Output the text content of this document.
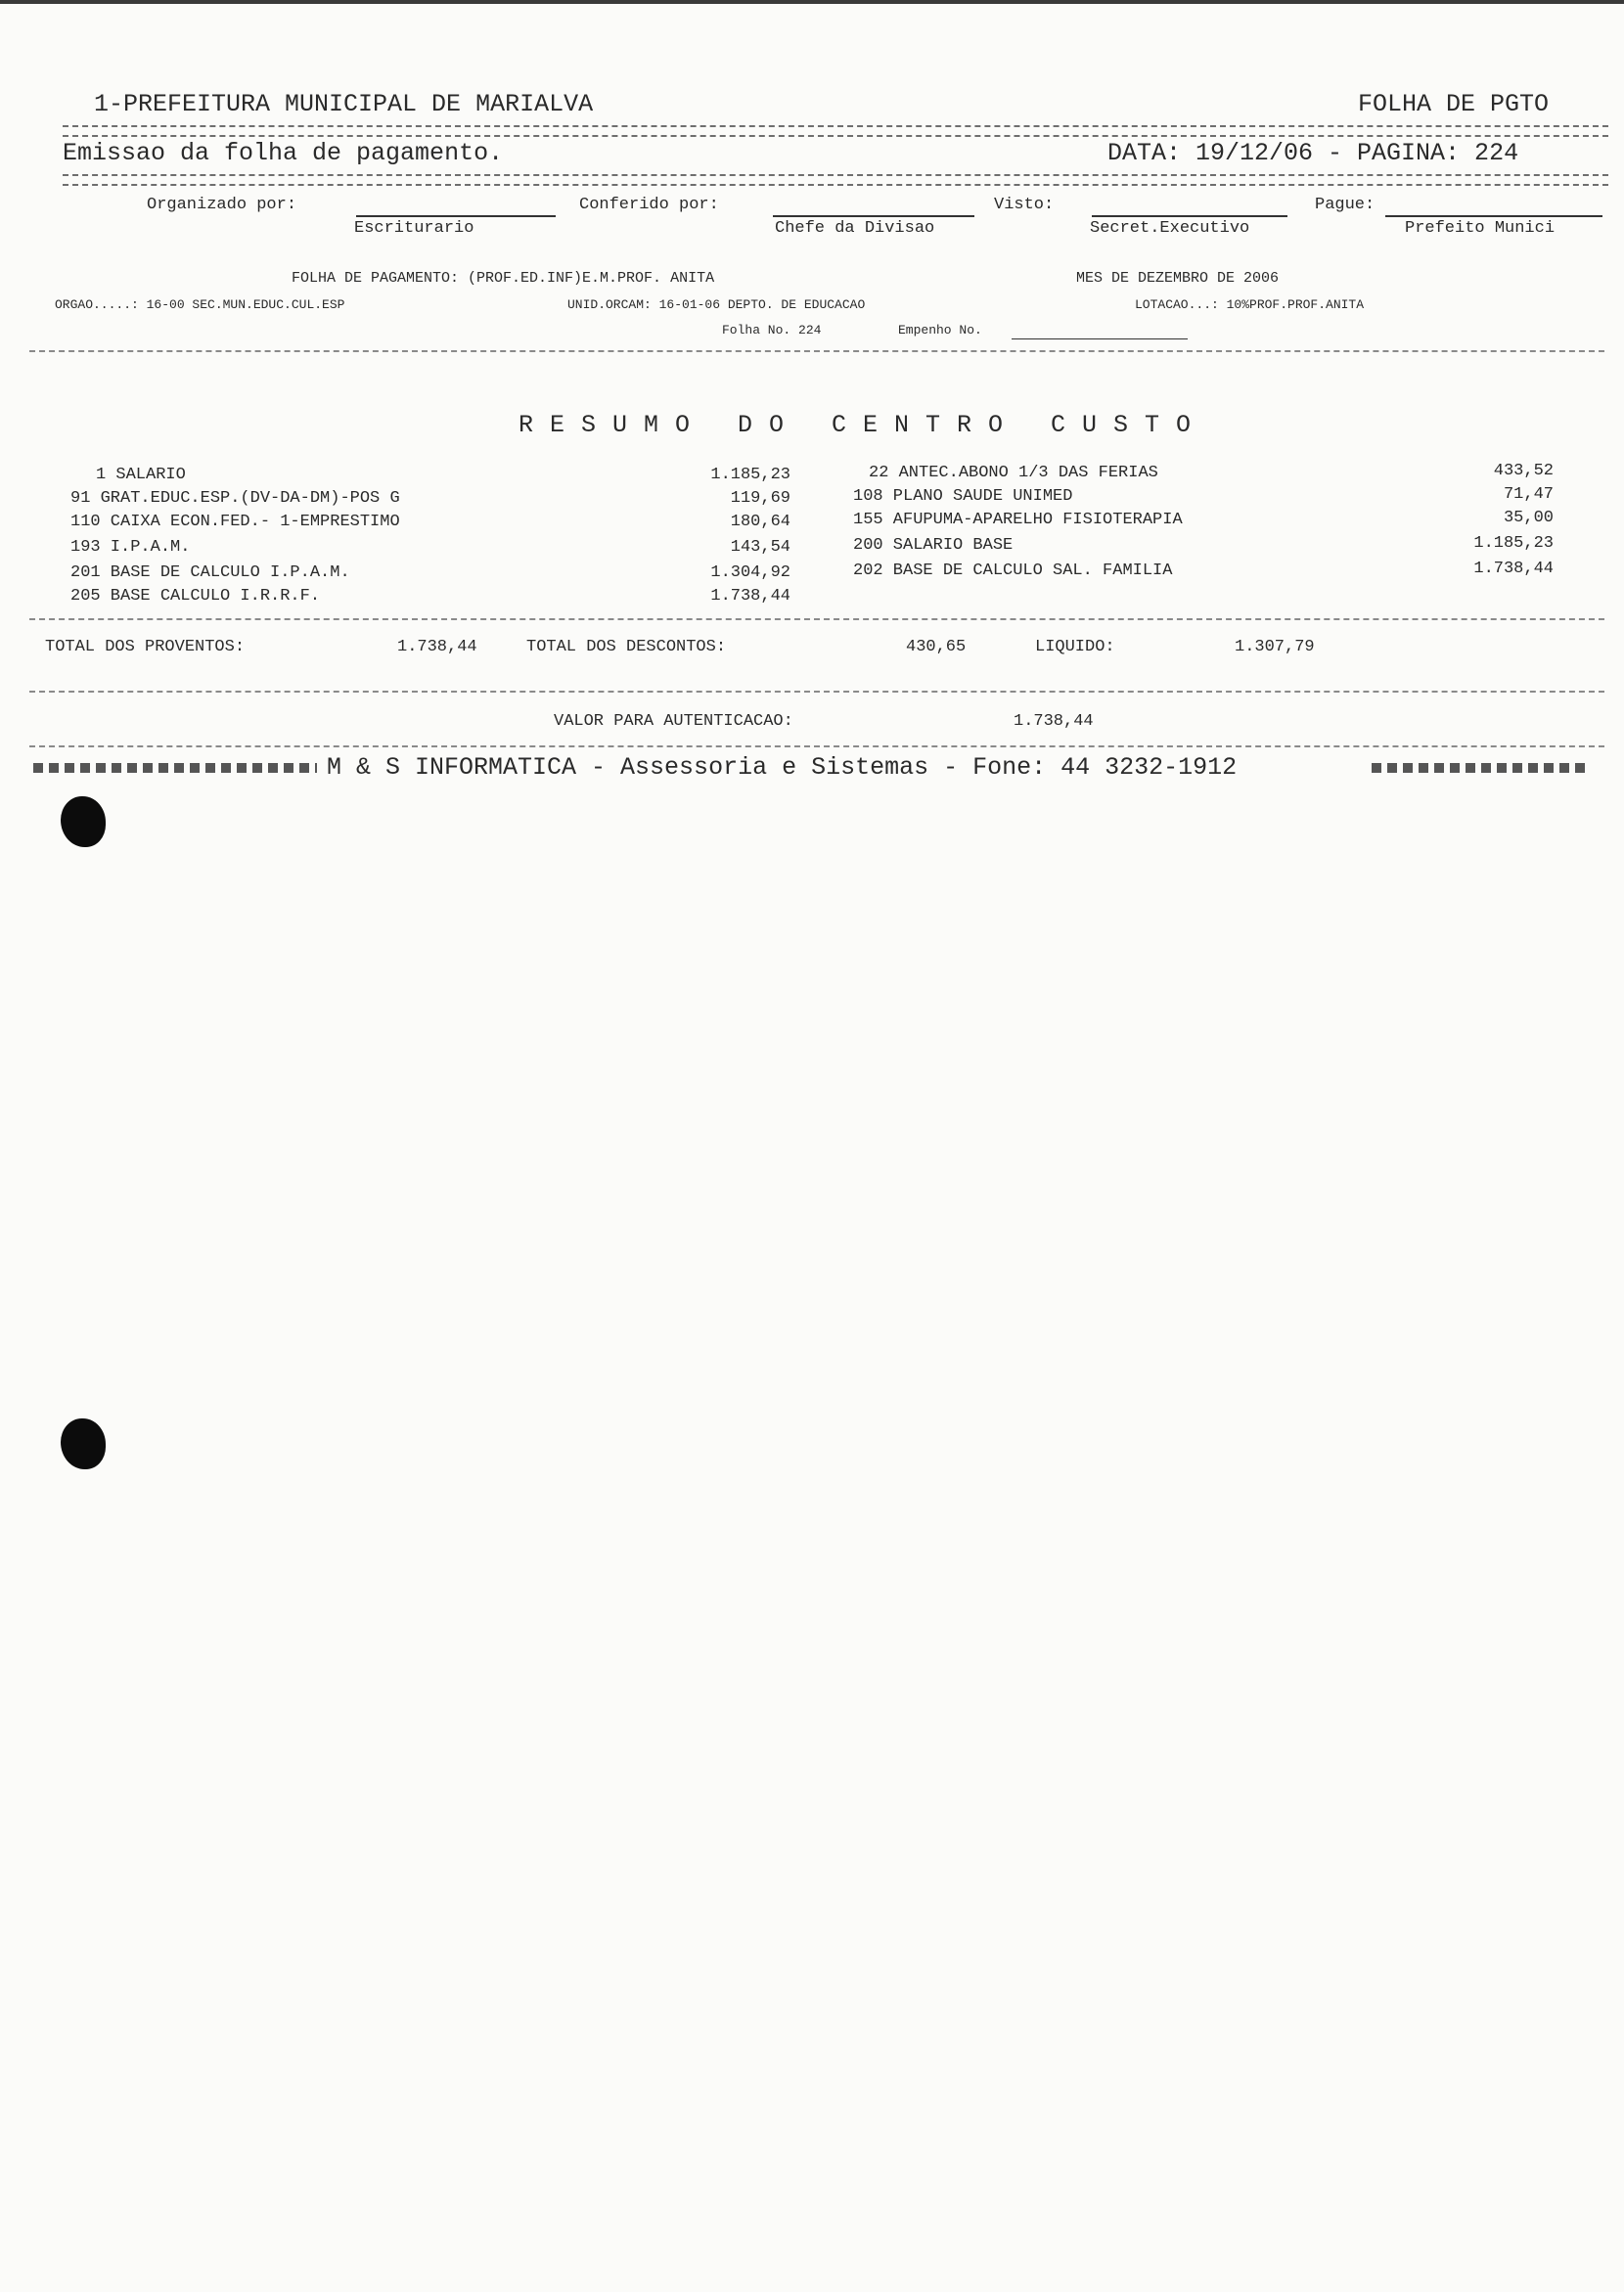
1-PREFEITURA MUNICIPAL DE MARIALVA	FOLHA DE PGTO
Emissao da folha de pagamento.	DATA: 19/12/06 - PAGINA: 224
Organizado por:	Conferido por:	Visto:	Pague:
Escriturario	Chefe da Divisao	Secret.Executivo	Prefeito Munici
FOLHA DE PAGAMENTO: (PROF.ED.INF)E.M.PROF. ANITA	MES DE DEZEMBRO DE 2006
ORGAO.....: 16-00 SEC.MUN.EDUC.CUL.ESP	UNID.ORCAM: 16-01-06 DEPTO. DE EDUCACAO	LOTACAO...: 10%PROF.PROF.ANITA
Folha No. 224	Empenho No.
RESUMO DO CENTRO CUSTO
1 SALARIO	1.185,23
91 GRAT.EDUC.ESP.(DV-DA-DM)-POS G	119,69
110 CAIXA ECON.FED.- 1-EMPRESTIMO	180,64
193 I.P.A.M.	143,54
201 BASE DE CALCULO I.P.A.M.	1.304,92
205 BASE CALCULO I.R.R.F.	1.738,44
22 ANTEC.ABONO 1/3 DAS FERIAS	433,52
108 PLANO SAUDE UNIMED	71,47
155 AFUPUMA-APARELHO FISIOTERAPIA	35,00
200 SALARIO BASE	1.185,23
202 BASE DE CALCULO SAL. FAMILIA	1.738,44
TOTAL DOS PROVENTOS:	1.738,44	TOTAL DOS DESCONTOS:	430,65	LIQUIDO:	1.307,79
VALOR PARA AUTENTICACAO:	1.738,44
M & S INFORMATICA - Assessoria e Sistemas - Fone: 44 3232-1912
